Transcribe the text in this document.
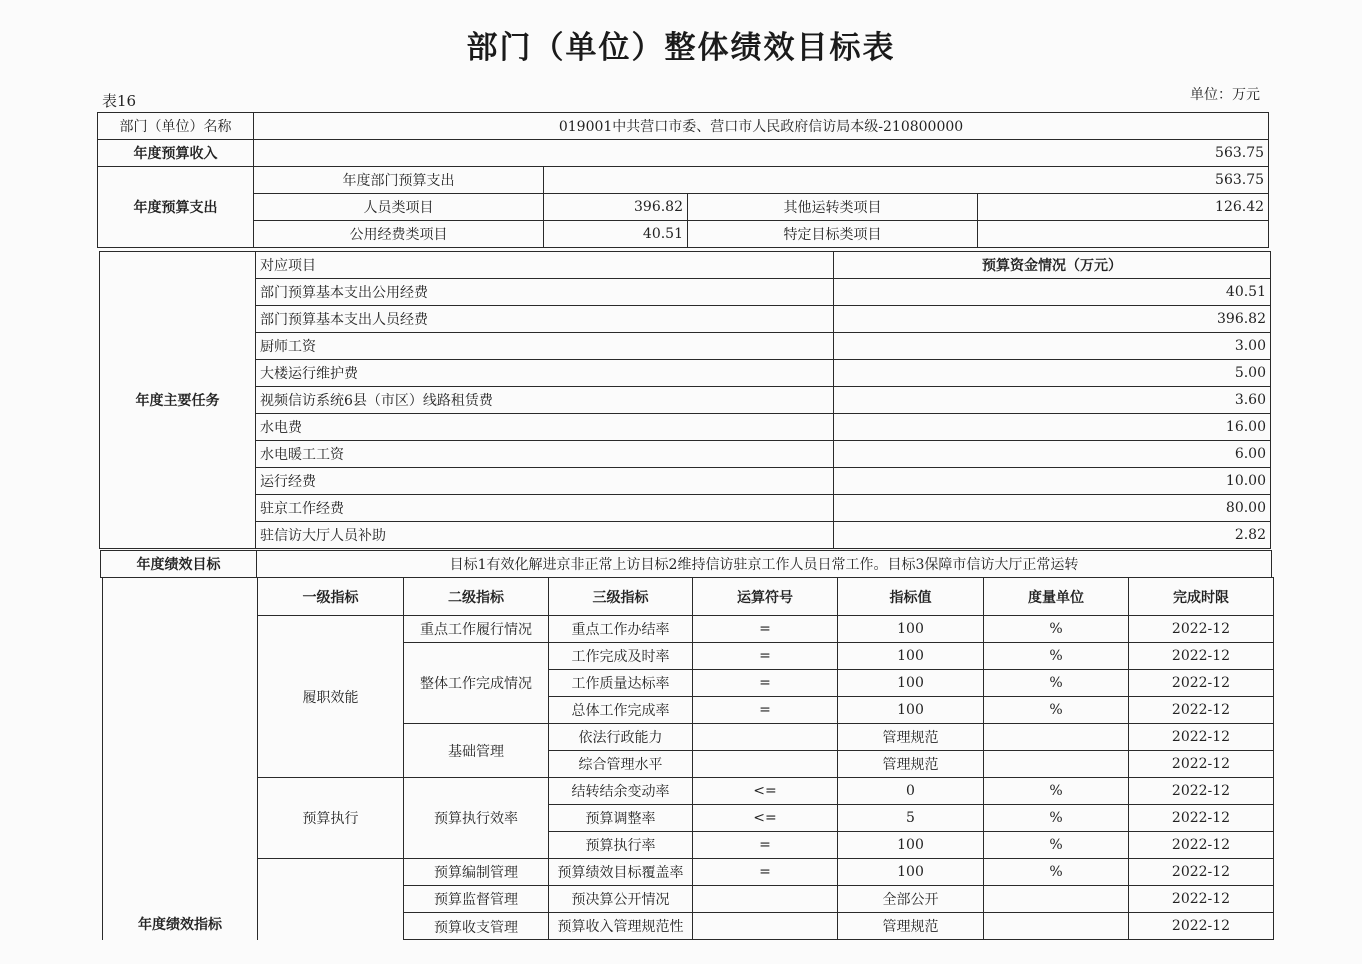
部门（单位）整体绩效目标表
表16	单位：万元
部门（单位）名称	019001中共营口市委、营口市人民政府信访局本级-210800000			
年度预算收入	563.75			
年度预算支出	年度部门预算支出	563.75		
	人员类项目	396.82	其他运转类项目	126.42
	公用经费类项目	40.51	特定目标类项目	
年度主要任务	对应项目	预算资金情况（万元）
	部门预算基本支出公用经费	40.51
	部门预算基本支出人员经费	396.82
	厨师工资	3.00
	大楼运行维护费	5.00
	视频信访系统6县（市区）线路租赁费	3.60
	水电费	16.00
	水电暖工工资	6.00
	运行经费	10.00
	驻京工作经费	80.00
	驻信访大厅人员补助	2.82
年度绩效目标	目标1有效化解进京非正常上访目标2维持信访驻京工作人员日常工作。目标3保障市信访大厅正常运转
年度绩效指标	一级指标	二级指标	三级指标	运算符号	指标值	度量单位	完成时限
	履职效能	重点工作履行情况	重点工作办结率	=	100	%	2022-12
		整体工作完成情况	工作完成及时率	=	100	%	2022-12
			工作质量达标率	=	100	%	2022-12
			总体工作完成率	=	100	%	2022-12
		基础管理	依法行政能力		管理规范		2022-12
			综合管理水平		管理规范		2022-12
	预算执行	预算执行效率	结转结余变动率	<=	0	%	2022-12
			预算调整率	<=	5	%	2022-12
			预算执行率	=	100	%	2022-12
		预算编制管理	预算绩效目标覆盖率	=	100	%	2022-12
		预算监督管理	预决算公开情况		全部公开		2022-12
		预算收支管理	预算收入管理规范性		管理规范		2022-12
